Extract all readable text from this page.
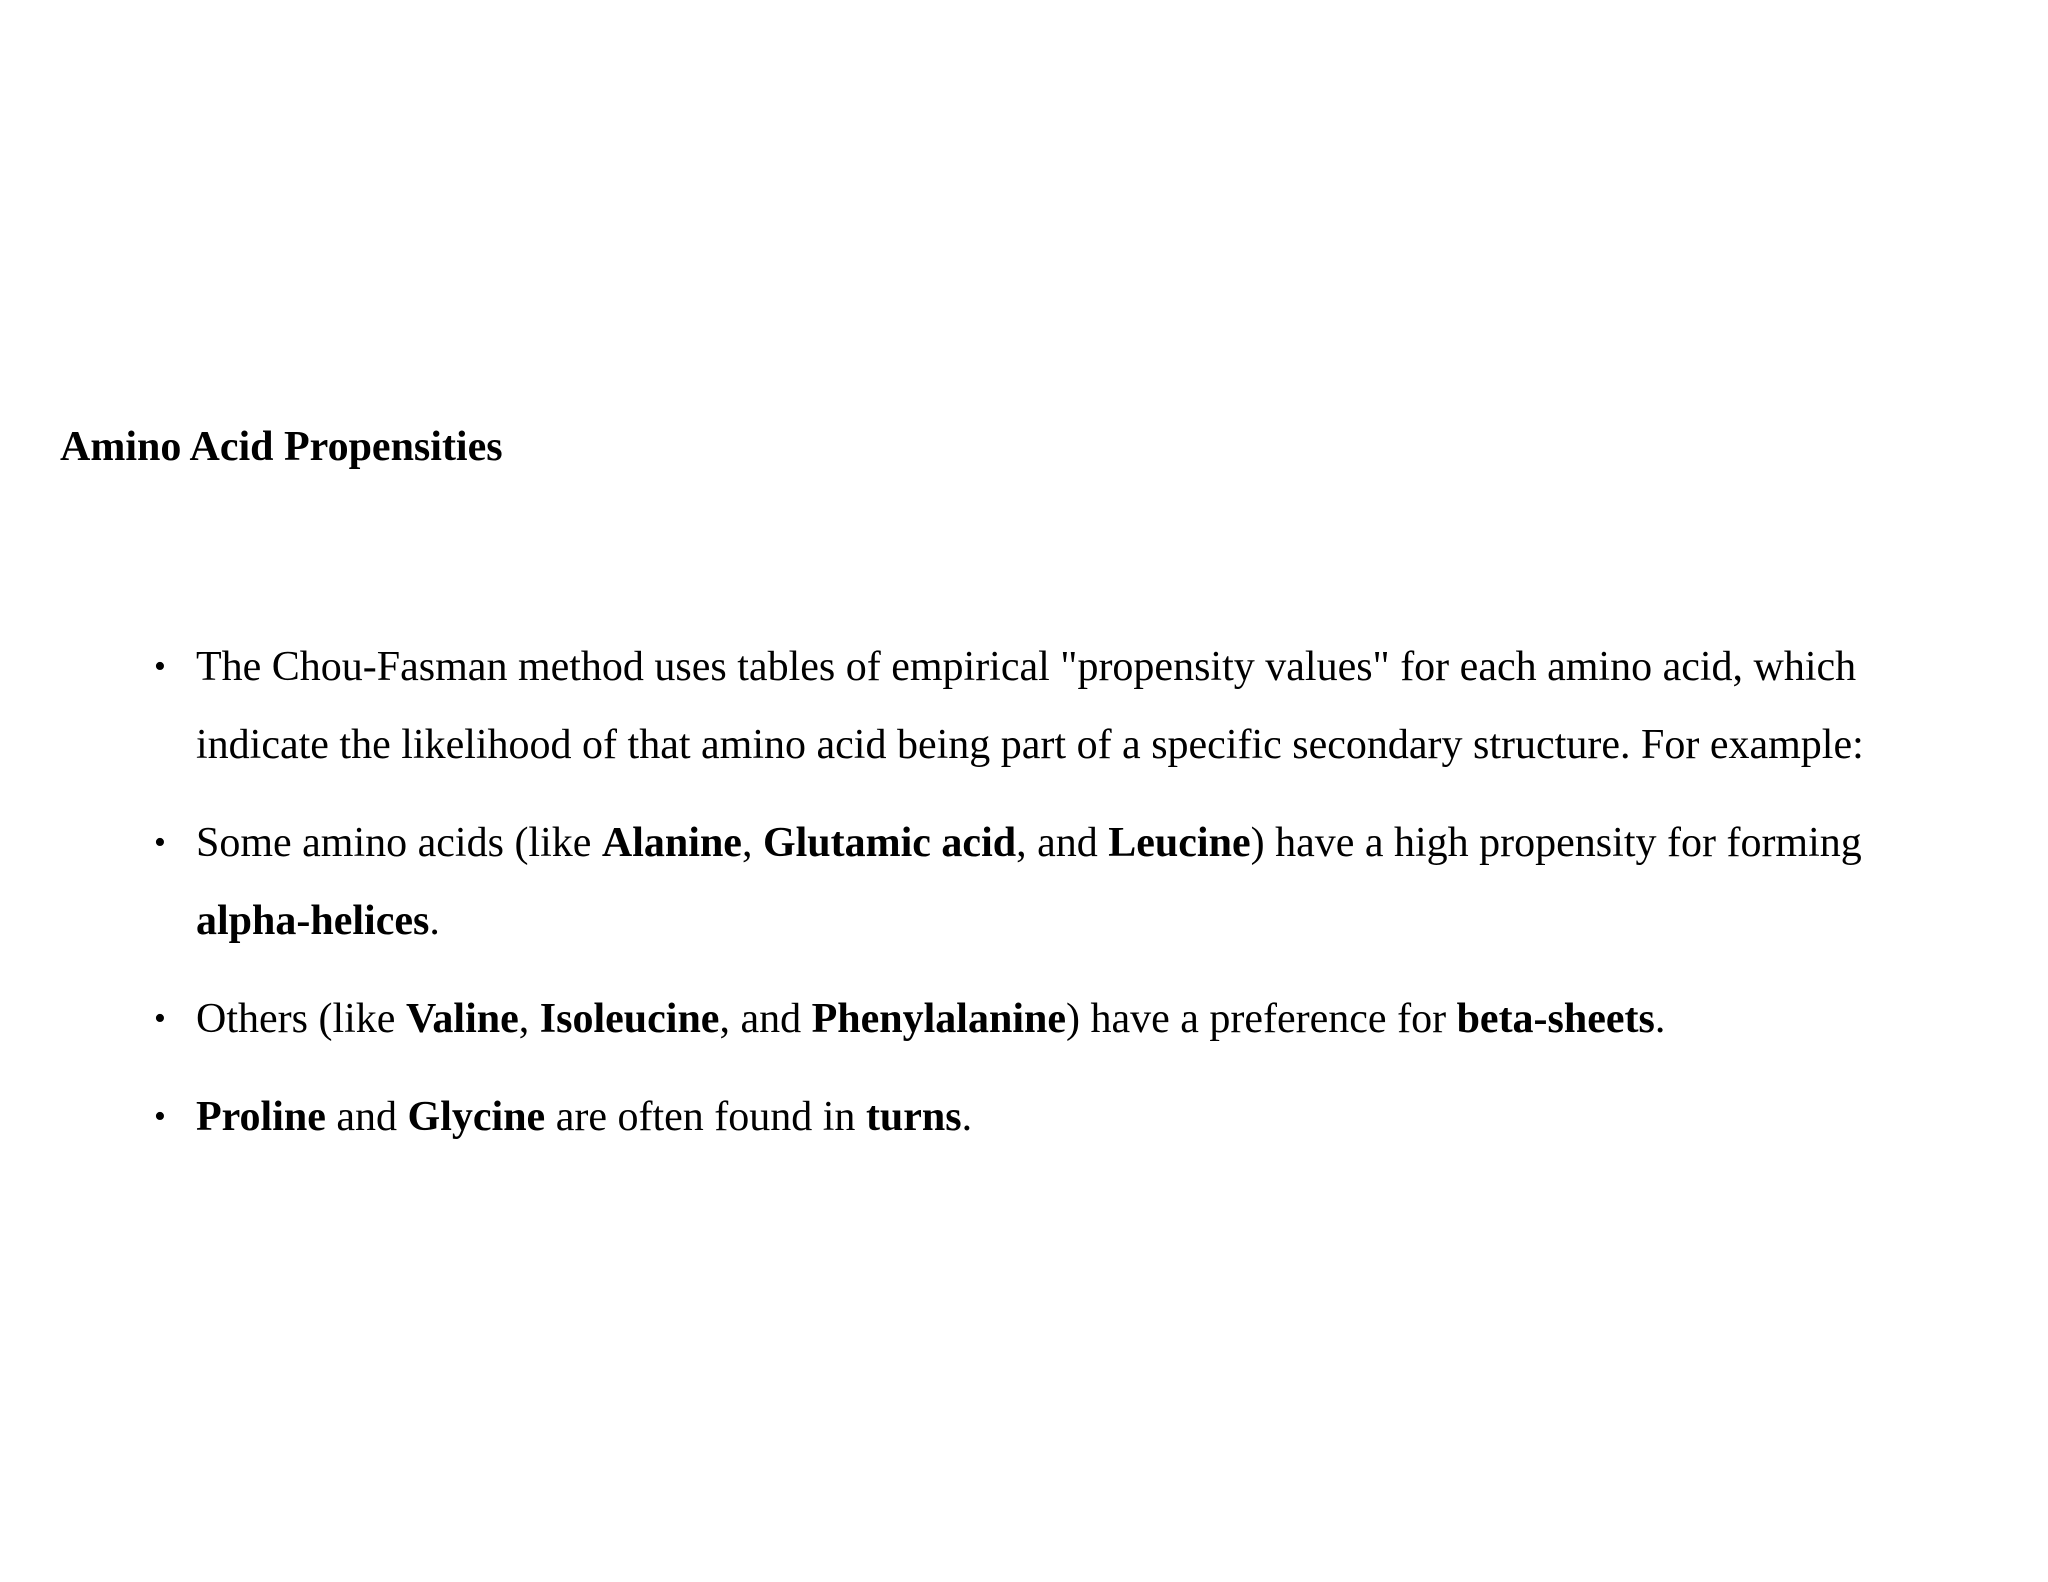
Amino Acid Propensities
• The Chou-Fasman method uses tables of empirical "propensity values" for each amino acid, which indicate the likelihood of that amino acid being part of a specific secondary structure. For example:
• Some amino acids (like Alanine, Glutamic acid, and Leucine) have a high propensity for forming alpha-helices.
• Others (like Valine, Isoleucine, and Phenylalanine) have a preference for beta-sheets.
• Proline and Glycine are often found in turns.
